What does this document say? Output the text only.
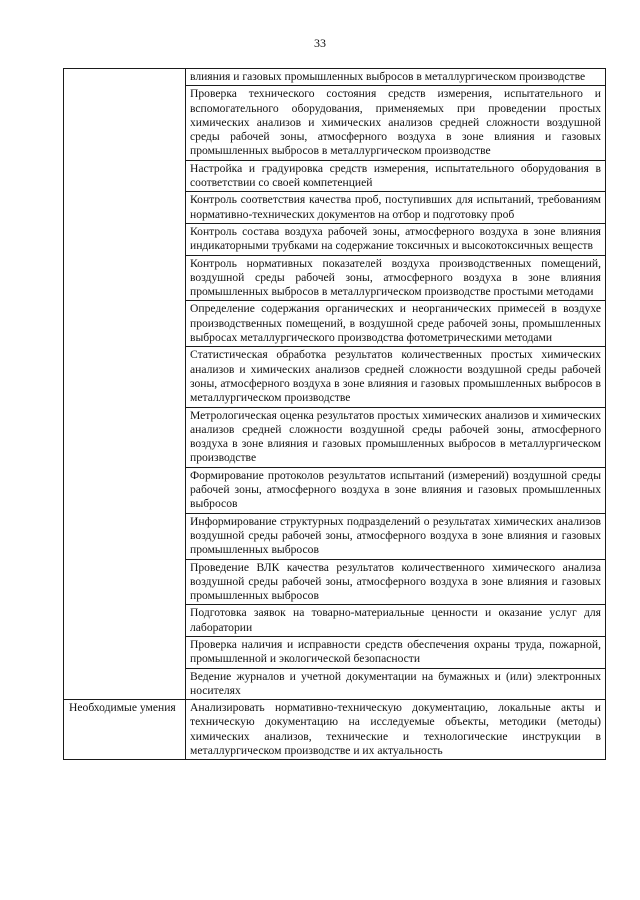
33
	влияния и газовых промышленных выбросов в металлургическом производстве
	Проверка технического состояния средств измерения, испытательного и вспомогательного оборудования, применяемых при проведении простых химических анализов и химических анализов средней сложности воздушной среды рабочей зоны, атмосферного воздуха в зоне влияния и газовых промышленных выбросов в металлургическом производстве
	Настройка и градуировка средств измерения, испытательного оборудования в соответствии со своей компетенцией
	Контроль соответствия качества проб, поступивших для испытаний, требованиям нормативно-технических документов на отбор и подготовку проб
	Контроль состава воздуха рабочей зоны, атмосферного воздуха в зоне влияния индикаторными трубками на содержание токсичных и высокотоксичных веществ
	Контроль нормативных показателей воздуха производственных помещений, воздушной среды рабочей зоны, атмосферного воздуха в зоне влияния промышленных выбросов в металлургическом производстве простыми методами
	Определение содержания органических и неорганических примесей в воздухе производственных помещений, в воздушной среде рабочей зоны, промышленных выбросах металлургического производства фотометрическими методами
	Статистическая обработка результатов количественных простых химических анализов и химических анализов средней сложности воздушной среды рабочей зоны, атмосферного воздуха в зоне влияния и газовых промышленных выбросов в металлургическом производстве
	Метрологическая оценка результатов простых химических анализов и химических анализов средней сложности воздушной среды рабочей зоны, атмосферного воздуха в зоне влияния и газовых промышленных выбросов в металлургическом производстве
	Формирование протоколов результатов испытаний (измерений) воздушной среды рабочей зоны, атмосферного воздуха в зоне влияния и газовых промышленных выбросов
	Информирование структурных подразделений о результатах химических анализов воздушной среды рабочей зоны, атмосферного воздуха в зоне влияния и газовых промышленных выбросов
	Проведение ВЛК качества результатов количественного химического анализа воздушной среды рабочей зоны, атмосферного воздуха в зоне влияния и газовых промышленных выбросов
	Подготовка заявок на товарно-материальные ценности и оказание услуг для лаборатории
	Проверка наличия и исправности средств обеспечения охраны труда, пожарной, промышленной и экологической безопасности
	Ведение журналов и учетной документации на бумажных и (или) электронных носителях
Необходимые умения	Анализировать нормативно-техническую документацию, локальные акты и техническую документацию на исследуемые объекты, методики (методы) химических анализов, технические и технологические инструкции в металлургическом производстве и их актуальность
